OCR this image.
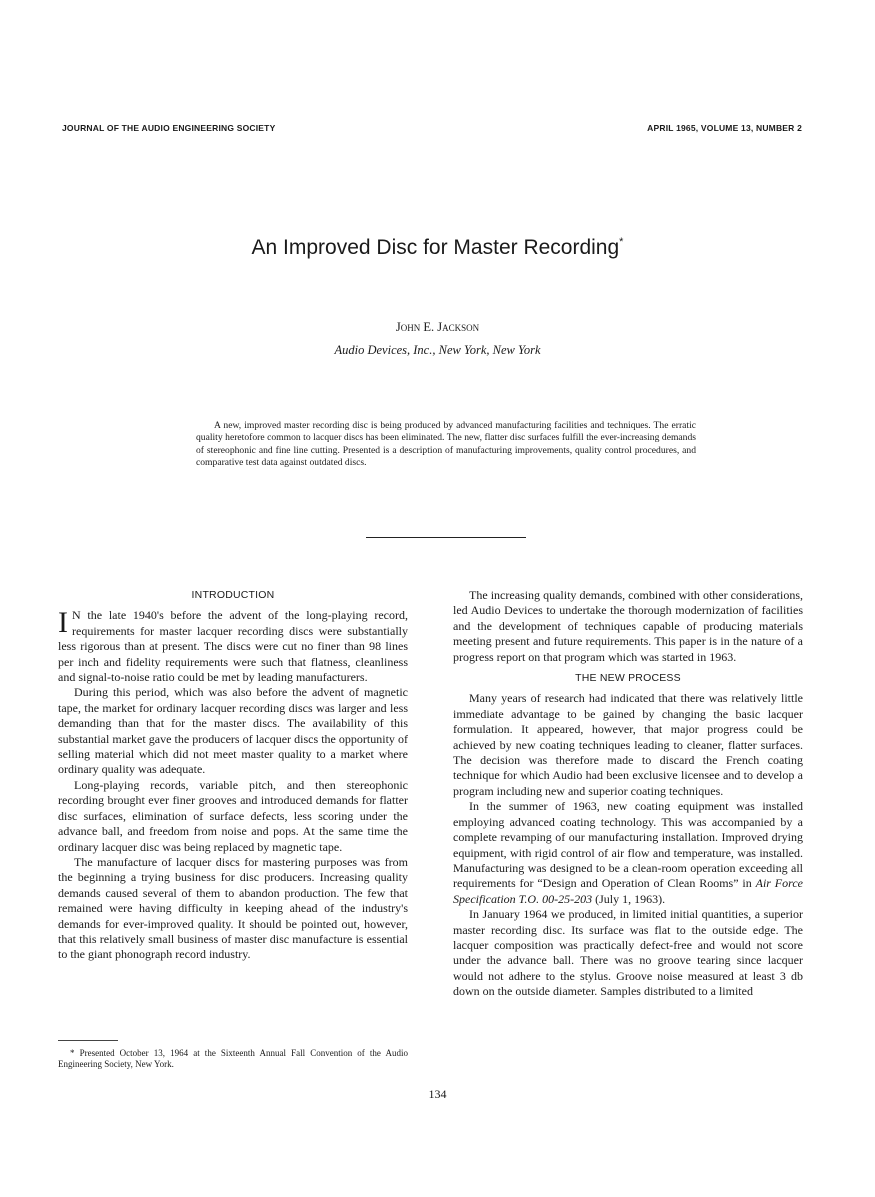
JOURNAL OF THE AUDIO ENGINEERING SOCIETY	APRIL 1965, VOLUME 13, NUMBER 2
An Improved Disc for Master Recording*
John E. Jackson
Audio Devices, Inc., New York, New York
A new, improved master recording disc is being produced by advanced manufacturing facilities and techniques. The erratic quality heretofore common to lacquer discs has been eliminated. The new, flatter disc surfaces fulfill the ever-increasing demands of stereophonic and fine line cutting. Presented is a description of manufacturing improvements, quality control procedures, and comparative test data against outdated discs.
INTRODUCTION

I N the late 1940's before the advent of the long-playing record, requirements for master lacquer recording discs were substantially less rigorous than at present. The discs were cut no finer than 98 lines per inch and fidelity requirements were such that flatness, cleanliness and signal-to-noise ratio could be met by leading manufacturers.

During this period, which was also before the advent of magnetic tape, the market for ordinary lacquer recording discs was larger and less demanding than that for the master discs. The availability of this substantial market gave the producers of lacquer discs the opportunity of selling material which did not meet master quality to a market where ordinary quality was adequate.

Long-playing records, variable pitch, and then stereophonic recording brought ever finer grooves and introduced demands for flatter disc surfaces, elimination of surface defects, less scoring under the advance ball, and freedom from noise and pops. At the same time the ordinary lacquer disc was being replaced by magnetic tape.

The manufacture of lacquer discs for mastering purposes was from the beginning a trying business for disc producers. Increasing quality demands caused several of them to abandon production. The few that remained were having difficulty in keeping ahead of the industry's demands for ever-improved quality. It should be pointed out, however, that this relatively small business of master disc manufacture is essential to the giant phonograph record industry.

* Presented October 13, 1964 at the Sixteenth Annual Fall Convention of the Audio Engineering Society, New York.

The increasing quality demands, combined with other considerations, led Audio Devices to undertake the thorough modernization of facilities and the development of techniques capable of producing materials meeting present and future requirements. This paper is in the nature of a progress report on that program which was started in 1963.

THE NEW PROCESS

Many years of research had indicated that there was relatively little immediate advantage to be gained by changing the basic lacquer formulation. It appeared, however, that major progress could be achieved by new coating techniques leading to cleaner, flatter surfaces. The decision was therefore made to discard the French coating technique for which Audio had been exclusive licensee and to develop a program including new and superior coating techniques.

In the summer of 1963, new coating equipment was installed employing advanced coating technology. This was accompanied by a complete revamping of our manufacturing installation. Improved drying equipment, with rigid control of air flow and temperature, was installed. Manufacturing was designed to be a clean-room operation exceeding all requirements for “Design and Operation of Clean Rooms” in Air Force Specification T.O. 00-25-203 (July 1, 1963).

In January 1964 we produced, in limited initial quantities, a superior master recording disc. Its surface was flat to the outside edge. The lacquer composition was practically defect-free and would not score under the advance ball. There was no groove tearing since lacquer would not adhere to the stylus. Groove noise measured at least 3 db down on the outside diameter. Samples distributed to a limited

134
